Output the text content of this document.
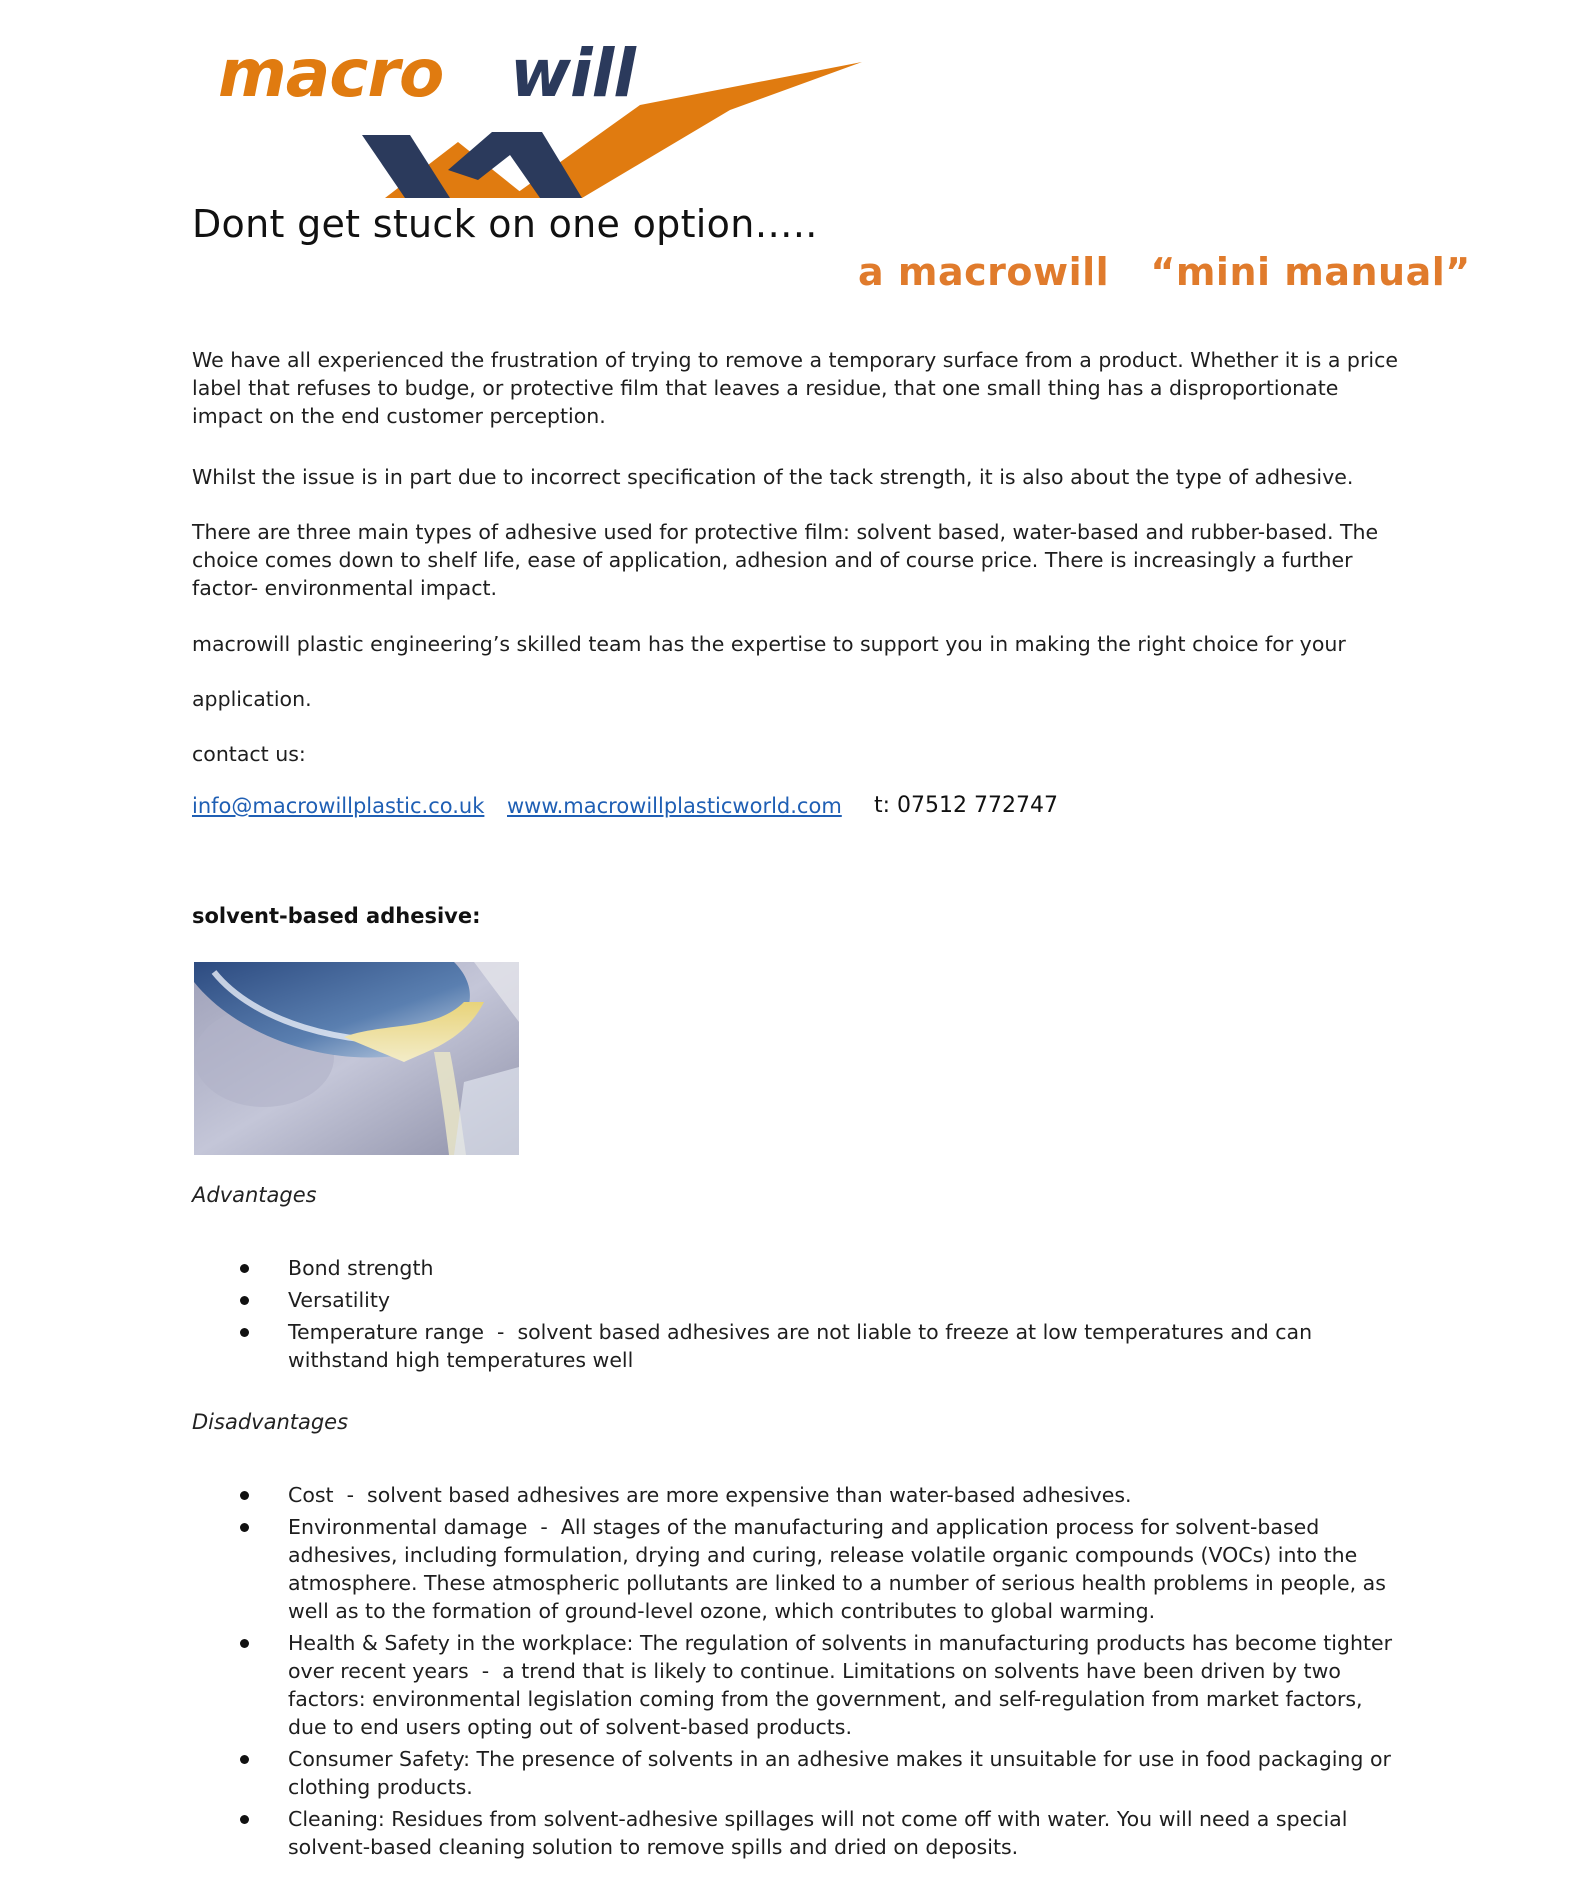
macro will
Dont get stuck on one option…..
a macrowill   “mini manual”

We have all experienced the frustration of trying to remove a temporary surface from a product. Whether it is a price label that refuses to budge, or protective film that leaves a residue, that one small thing has a disproportionate impact on the end customer perception.

Whilst the issue is in part due to incorrect specification of the tack strength, it is also about the type of adhesive.

There are three main types of adhesive used for protective film: solvent based, water-based and rubber-based. The choice comes down to shelf life, ease of application, adhesion and of course price. There is increasingly a further factor- environmental impact.

macrowill plastic engineering’s skilled team has the expertise to support you in making the right choice for your

application.

contact us:

info@macrowillplastic.co.uk www.macrowillplasticworld.com t: 07512 772747
solvent-based adhesive:

Advantages

Bond strength
Versatility
Temperature range  -  solvent based adhesives are not liable to freeze at low temperatures and can withstand high temperatures well

Disadvantages

Cost  -  solvent based adhesives are more expensive than water-based adhesives.
Environmental damage  -  All stages of the manufacturing and application process for solvent-based adhesives, including formulation, drying and curing, release volatile organic compounds (VOCs) into the atmosphere. These atmospheric pollutants are linked to a number of serious health problems in people, as well as to the formation of ground-level ozone, which contributes to global warming.
Health & Safety in the workplace: The regulation of solvents in manufacturing products has become tighter over recent years  -  a trend that is likely to continue. Limitations on solvents have been driven by two factors: environmental legislation coming from the government, and self-regulation from market factors, due to end users opting out of solvent-based products.
Consumer Safety: The presence of solvents in an adhesive makes it unsuitable for use in food packaging or clothing products.
Cleaning: Residues from solvent-adhesive spillages will not come off with water. You will need a special solvent-based cleaning solution to remove spills and dried on deposits.
